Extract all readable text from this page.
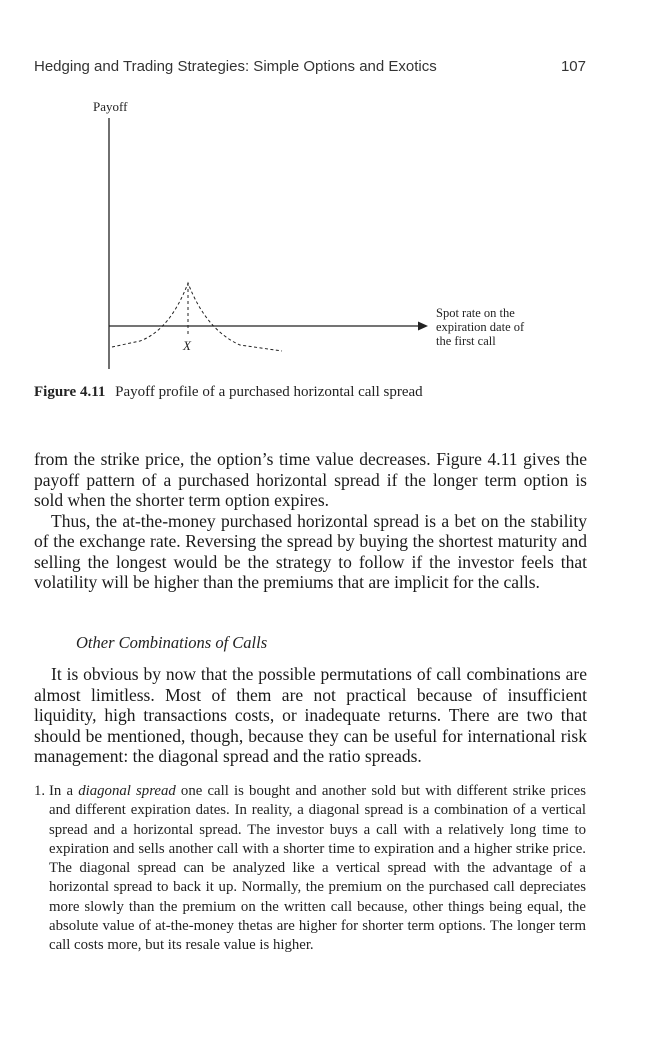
Hedging and Trading Strategies: Simple Options and Exotics	107
Payoff
X
Spot rate on the
expiration date of
the first call
Figure 4.11 Payoff profile of a purchased horizontal call spread

from the strike price, the option’s time value decreases. Figure 4.11 gives the payoff pattern of a purchased horizontal spread if the longer term option is sold when the shorter term option expires.

Thus, the at-the-money purchased horizontal spread is a bet on the stability of the exchange rate. Reversing the spread by buying the shortest maturity and selling the longest would be the strategy to follow if the investor feels that volatility will be higher than the premiums that are implicit for the calls.

Other Combinations of Calls

It is obvious by now that the possible permutations of call combinations are almost limitless. Most of them are not practical because of insufficient liquidity, high transactions costs, or inadequate returns. There are two that should be mentioned, though, because they can be useful for international risk management: the diagonal spread and the ratio spreads.

1. In a diagonal spread one call is bought and another sold but with different strike prices and different expiration dates. In reality, a diagonal spread is a combination of a vertical spread and a horizontal spread. The investor buys a call with a relatively long time to expiration and sells another call with a shorter time to expiration and a higher strike price. The diagonal spread can be analyzed like a vertical spread with the advantage of a horizontal spread to back it up. Normally, the premium on the purchased call depreciates more slowly than the premium on the written call because, other things being equal, the absolute value of at-the-money thetas are higher for shorter term options. The longer term call costs more, but its resale value is higher.
